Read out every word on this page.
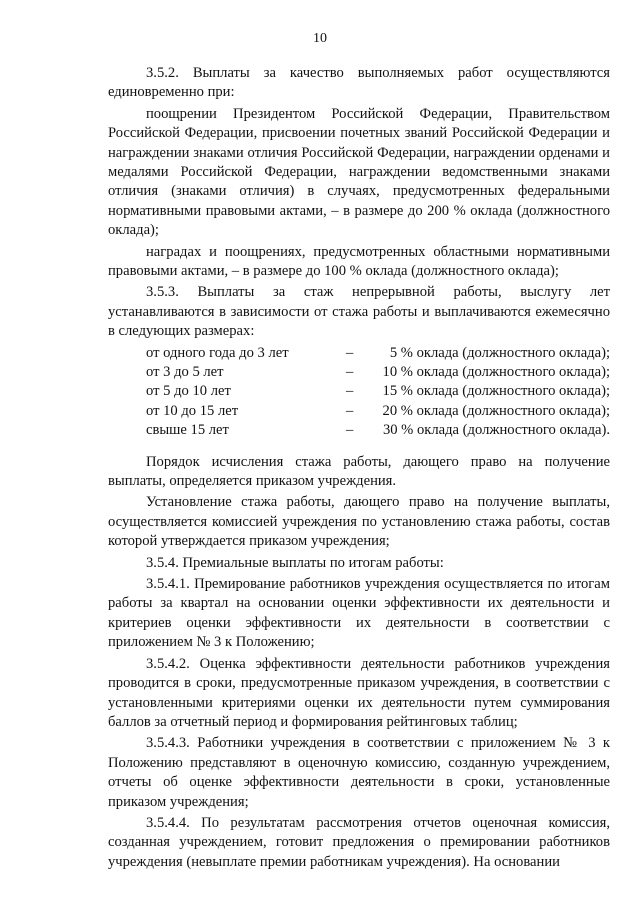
10

3.5.2. Выплаты за качество выполняемых работ осуществляются единовременно при:

поощрении Президентом Российской Федерации, Правительством Российской Федерации, присвоении почетных званий Российской Федерации и награждении знаками отличия Российской Федерации, награждении орденами и медалями Российской Федерации, награждении ведомственными знаками отличия (знаками отличия) в случаях, предусмотренных федеральными нормативными правовыми актами, – в размере до 200 % оклада (должностного оклада);

наградах и поощрениях, предусмотренных областными нормативными правовыми актами, – в размере до 100 % оклада (должностного оклада);

3.5.3. Выплаты за стаж непрерывной работы, выслугу лет устанавливаются в зависимости от стажа работы и выплачиваются ежемесячно в следующих размерах:

от одного года до 3 лет	–	5 % оклада (должностного оклада);
от 3 до 5 лет	– 10 % оклада (должностного оклада);
от 5 до 10 лет	– 15 % оклада (должностного оклада);
от 10 до 15 лет	– 20 % оклада (должностного оклада);
свыше 15 лет	– 30 % оклада (должностного оклада).

Порядок исчисления стажа работы, дающего право на получение выплаты, определяется приказом учреждения.

Установление стажа работы, дающего право на получение выплаты, осуществляется комиссией учреждения по установлению стажа работы, состав которой утверждается приказом учреждения;

3.5.4. Премиальные выплаты по итогам работы:

3.5.4.1. Премирование работников учреждения осуществляется по итогам работы за квартал на основании оценки эффективности их деятельности и критериев оценки эффективности их деятельности в соответствии с приложением № 3 к Положению;

3.5.4.2. Оценка эффективности деятельности работников учреждения проводится в сроки, предусмотренные приказом учреждения, в соответствии с установленными критериями оценки их деятельности путем суммирования баллов за отчетный период и формирования рейтинговых таблиц;

3.5.4.3. Работники учреждения в соответствии с приложением № 3 к Положению представляют в оценочную комиссию, созданную учреждением, отчеты об оценке эффективности деятельности в сроки, установленные приказом учреждения;

3.5.4.4. По результатам рассмотрения отчетов оценочная комиссия, созданная учреждением, готовит предложения о премировании работников учреждения (невыплате премии работникам учреждения). На основании
